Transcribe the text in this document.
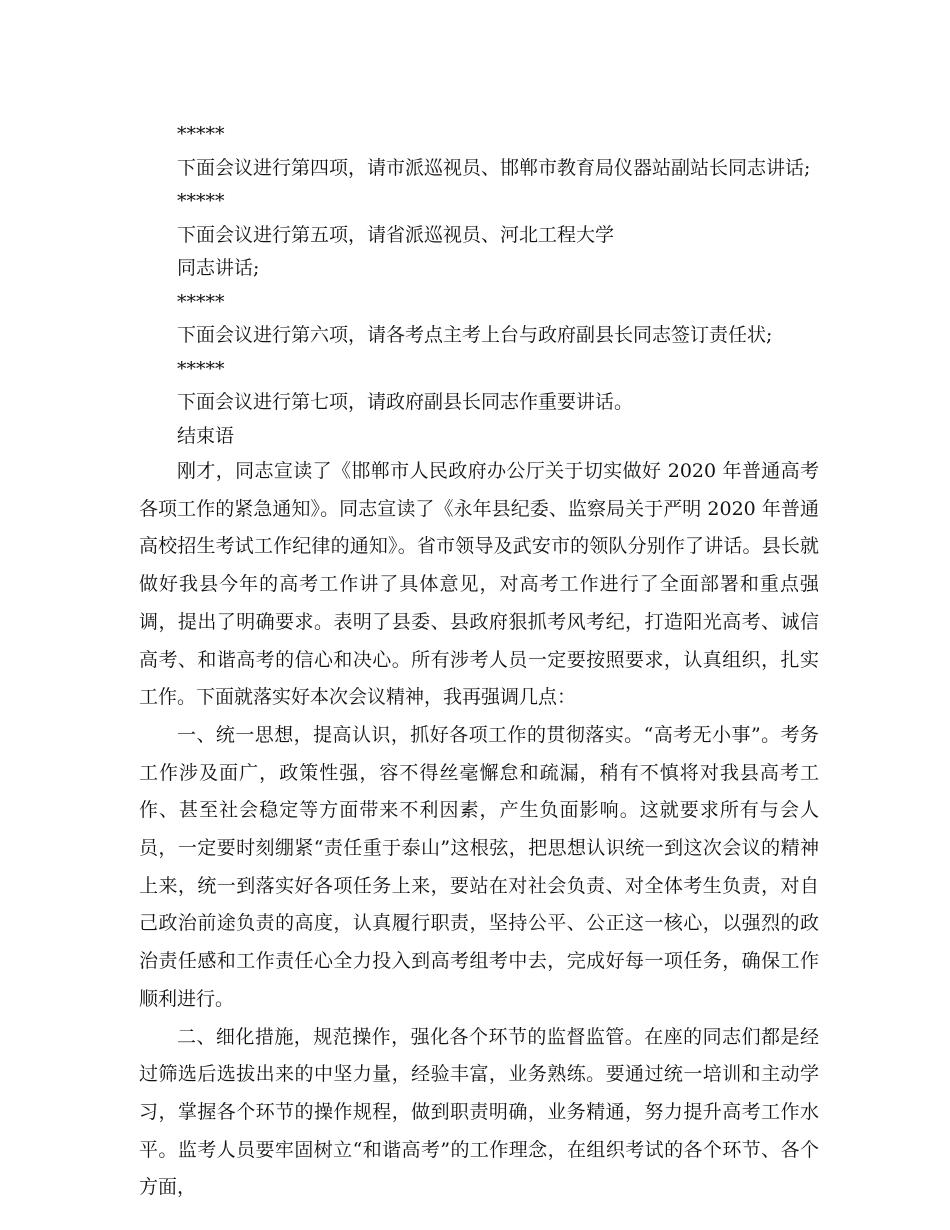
*****
下面会议进行第四项，请市派巡视员、邯郸市教育局仪器站副站长同志讲话;
*****
下面会议进行第五项，请省派巡视员、河北工程大学
同志讲话;
*****
下面会议进行第六项，请各考点主考上台与政府副县长同志签订责任状;
*****
下面会议进行第七项，请政府副县长同志作重要讲话。
结束语

刚才，同志宣读了《邯郸市人民政府办公厅关于切实做好 2020 年普通高考各项工作的紧急通知》。同志宣读了《永年县纪委、监察局关于严明 2020 年普通高校招生考试工作纪律的通知》。省市领导及武安市的领队分别作了讲话。县长就做好我县今年的高考工作讲了具体意见，对高考工作进行了全面部署和重点强调，提出了明确要求。表明了县委、县政府狠抓考风考纪，打造阳光高考、诚信高考、和谐高考的信心和决心。所有涉考人员一定要按照要求，认真组织，扎实工作。下面就落实好本次会议精神，我再强调几点：

一、统一思想，提高认识，抓好各项工作的贯彻落实。“高考无小事”。考务工作涉及面广，政策性强，容不得丝毫懈怠和疏漏，稍有不慎将对我县高考工作、甚至社会稳定等方面带来不利因素，产生负面影响。这就要求所有与会人员，一定要时刻绷紧“责任重于泰山”这根弦，把思想认识统一到这次会议的精神上来，统一到落实好各项任务上来，要站在对社会负责、对全体考生负责，对自己政治前途负责的高度，认真履行职责，坚持公平、公正这一核心，以强烈的政治责任感和工作责任心全力投入到高考组考中去，完成好每一项任务，确保工作顺利进行。

二、细化措施，规范操作，强化各个环节的监督监管。在座的同志们都是经过筛选后选拔出来的中坚力量，经验丰富，业务熟练。要通过统一培训和主动学习，掌握各个环节的操作规程，做到职责明确，业务精通，努力提升高考工作水平。监考人员要牢固树立“和谐高考”的工作理念，在组织考试的各个环节、各个方面，
